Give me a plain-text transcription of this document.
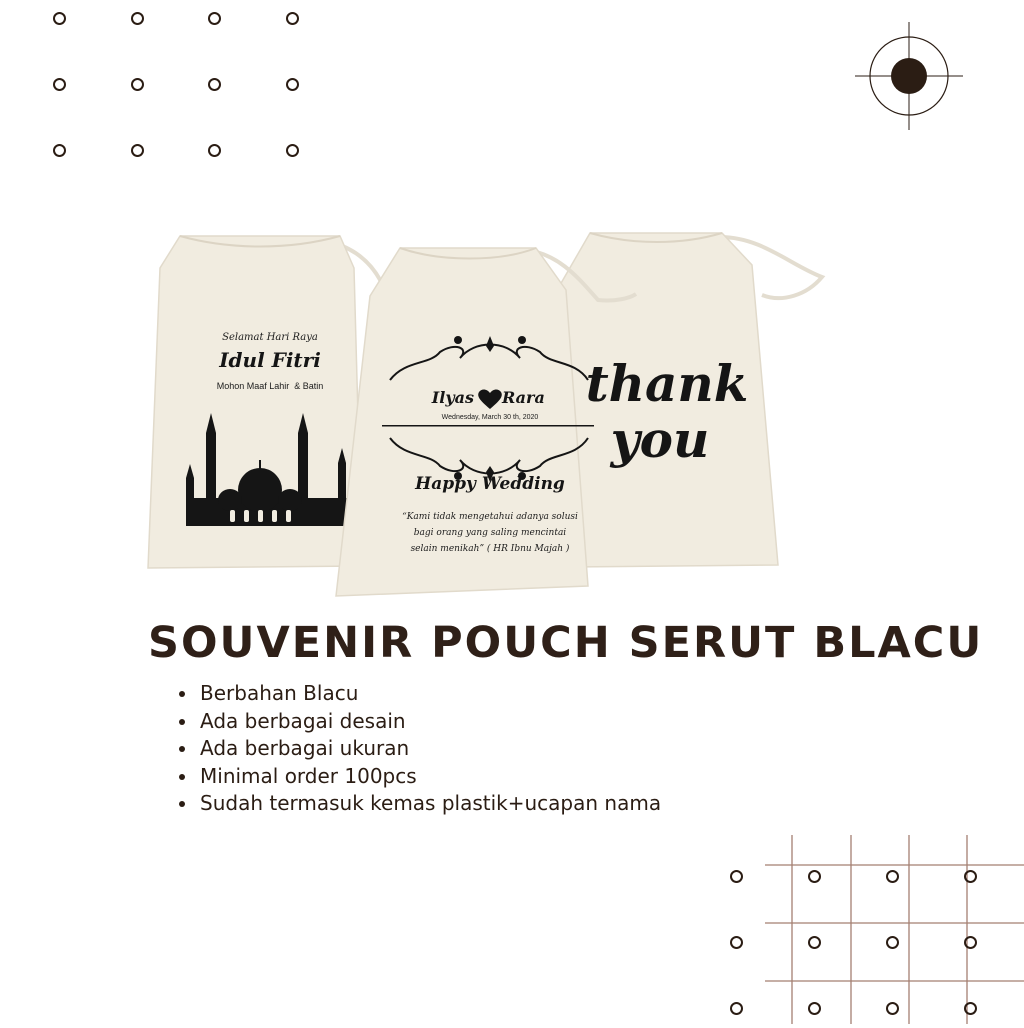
Selamat Hari Raya
Idul Fitri
Mohon Maaf Lahir  & Batin	thank
you
Ilyas Rara
Wednesday, March 30 th, 2020
Happy Wedding
“Kami tidak mengetahui adanya solusi
bagi orang yang saling mencintai
selain menikah” ( HR Ibnu Majah )
SOUVENIR POUCH SERUT BLACU
• Berbahan Blacu
• Ada berbagai desain
• Ada berbagai ukuran
• Minimal order 100pcs
• Sudah termasuk kemas plastik+ucapan nama
